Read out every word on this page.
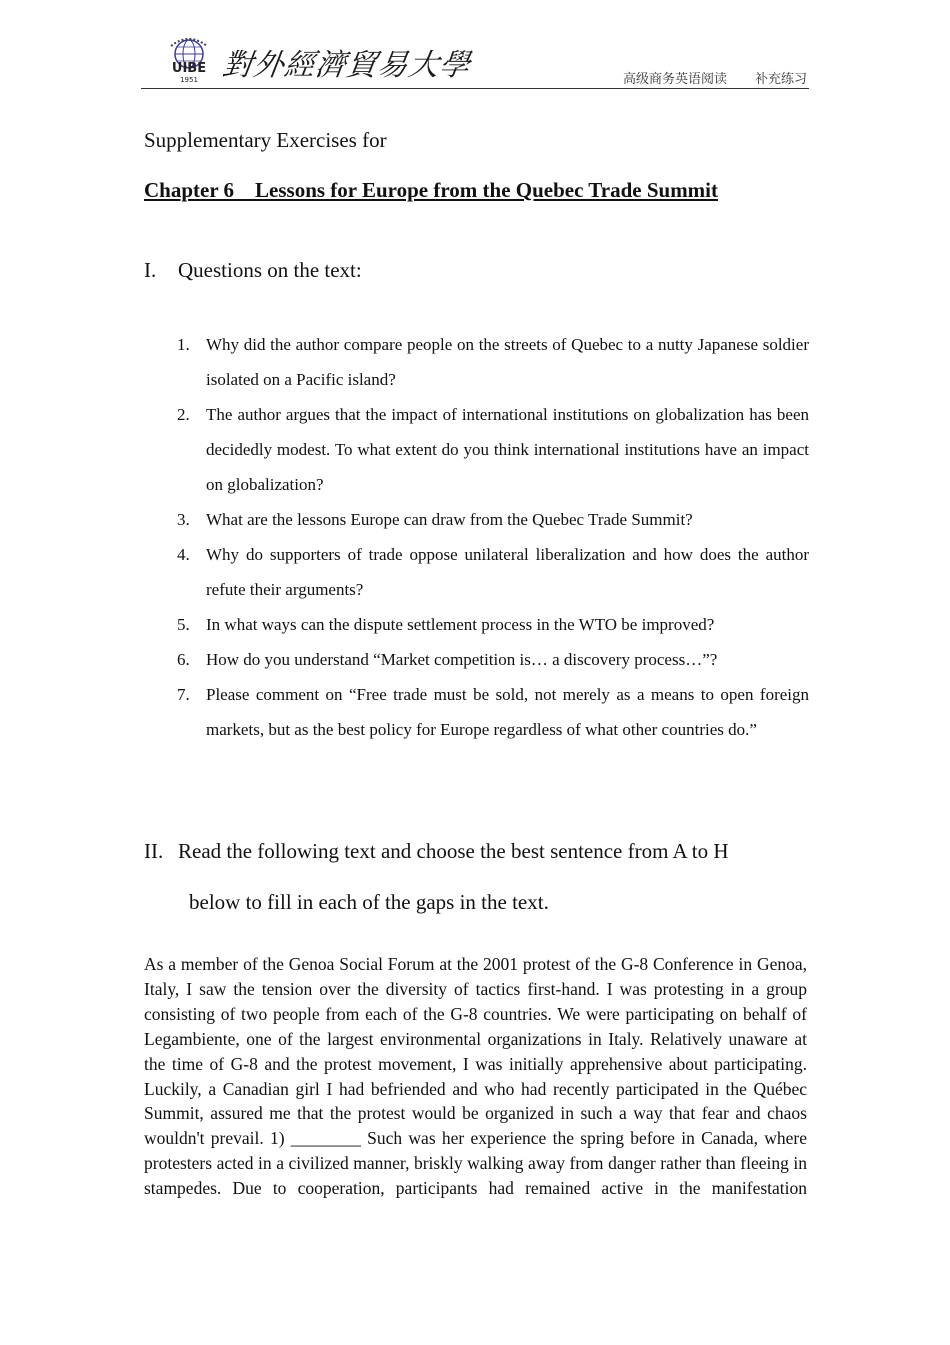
UIBE
1951 對外經濟貿易大學	高级商务英语阅读 补充练习
Supplementary Exercises for
Chapter 6    Lessons for Europe from the Quebec Trade Summit
I. Questions on the text:
1. Why did the author compare people on the streets of Quebec to a nutty Japanese soldier isolated on a Pacific island?
2. The author argues that the impact of international institutions on globalization has been decidedly modest. To what extent do you think international institutions have an impact on globalization?
3. What are the lessons Europe can draw from the Quebec Trade Summit?
4. Why do supporters of trade oppose unilateral liberalization and how does the author refute their arguments?
5. In what ways can the dispute settlement process in the WTO be improved?
6. How do you understand “Market competition is… a discovery process…”?
7. Please comment on “Free trade must be sold, not merely as a means to open foreign markets, but as the best policy for Europe regardless of what other countries do.”
II. Read the following text and choose the best sentence from A to H
below to fill in each of the gaps in the text.
As a member of the Genoa Social Forum at the 2001 protest of the G-8 Conference in Genoa, Italy, I saw the tension over the diversity of tactics first-hand. I was protesting in a group consisting of two people from each of the G-8 countries. We were participating on behalf of Legambiente, one of the largest environmental organizations in Italy. Relatively unaware at the time of G-8 and the protest movement, I was initially apprehensive about participating. Luckily, a Canadian girl I had befriended and who had recently participated in the Québec Summit, assured me that the protest would be organized in such a way that fear and chaos wouldn't prevail. 1) ________ Such was her experience the spring before in Canada, where protesters acted in a civilized manner, briskly walking away from danger rather than fleeing in stampedes. Due to cooperation, participants had remained active in the manifestation
